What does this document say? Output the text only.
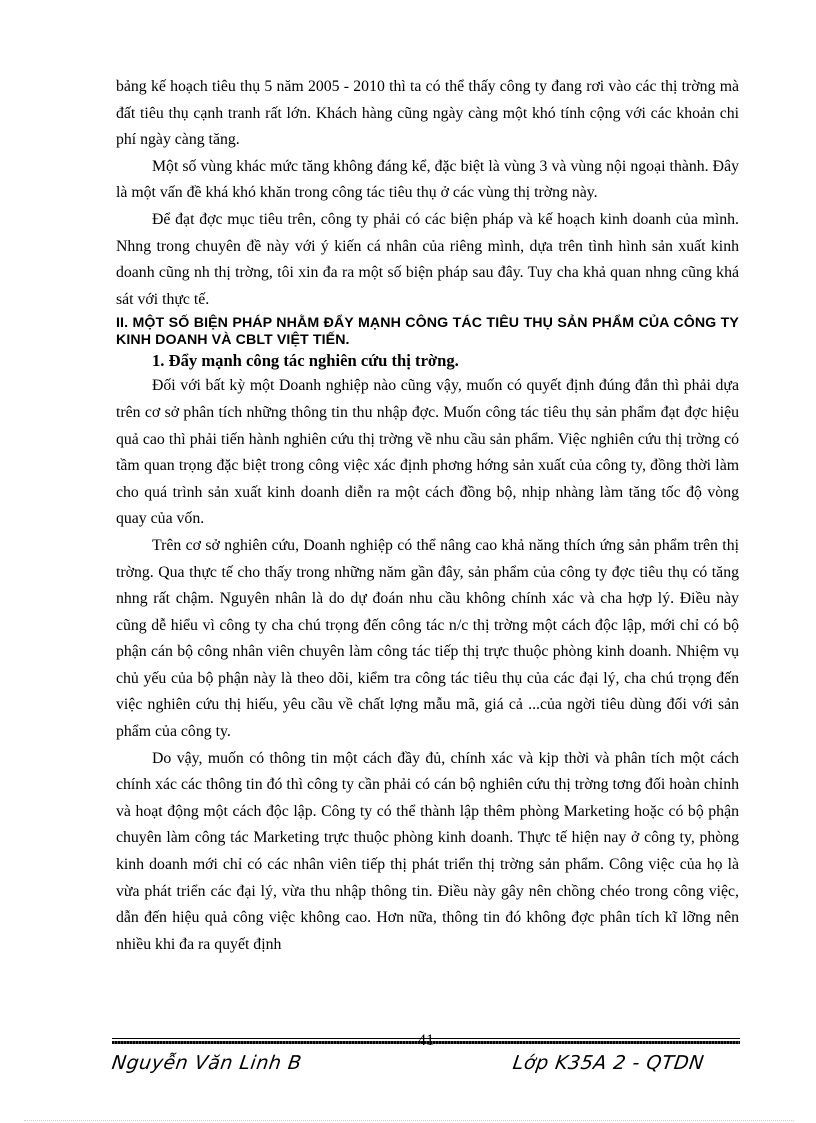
bảng kế hoạch tiêu thụ 5 năm 2005 - 2010 thì ta có thể thấy công ty đang rơi vào các thị trờng mà đất tiêu thụ cạnh tranh rất lớn. Khách hàng cũng ngày càng một khó tính cộng với các khoản chi phí ngày càng tăng.

Một số vùng khác mức tăng không đáng kể, đặc biệt là vùng 3 và vùng nội ngoại thành. Đây là một vấn đề khá khó khăn trong công tác tiêu thụ ở các vùng thị trờng này.

Để đạt đợc mục tiêu trên, công ty phải có các biện pháp và kế hoạch kinh doanh của mình. Nhng trong chuyên đề này với ý kiến cá nhân của riêng mình, dựa trên tình hình sản xuất kinh doanh cũng nh thị trờng, tôi xin đa ra một số biện pháp sau đây. Tuy cha khả quan nhng cũng khá sát với thực tế.

II. MỘT SỐ BIỆN PHÁP NHẰM ĐẨY MẠNH CÔNG TÁC TIÊU THỤ SẢN PHẨM CỦA CÔNG TY KINH DOANH VÀ CBLT VIỆT TIẾN.
1. Đẩy mạnh công tác nghiên cứu thị trờng.

Đối với bất kỳ một Doanh nghiệp nào cũng vậy, muốn có quyết định đúng đắn thì phải dựa trên cơ sở phân tích những thông tin thu nhập đợc. Muốn công tác tiêu thụ sản phẩm đạt đợc hiệu quả cao thì phải tiến hành nghiên cứu thị trờng về nhu cầu sản phẩm. Việc nghiên cứu thị trờng có tầm quan trọng đặc biệt trong công việc xác định phơng hớng sản xuất của công ty, đồng thời làm cho quá trình sản xuất kinh doanh diễn ra một cách đồng bộ, nhịp nhàng làm tăng tốc độ vòng quay của vốn.

Trên cơ sở nghiên cứu, Doanh nghiệp có thể nâng cao khả năng thích ứng sản phẩm trên thị trờng. Qua thực tế cho thấy trong những năm gần đây, sản phẩm của công ty đợc tiêu thụ có tăng nhng rất chậm. Nguyên nhân là do dự đoán nhu cầu không chính xác và cha hợp lý. Điều này cũng dễ hiểu vì công ty cha chú trọng đến công tác n/c thị trờng một cách độc lập, mới chỉ có bộ phận cán bộ công nhân viên chuyên làm công tác tiếp thị trực thuộc phòng kinh doanh. Nhiệm vụ chủ yếu của bộ phận này là theo dõi, kiểm tra công tác tiêu thụ của các đại lý, cha chú trọng đến việc nghiên cứu thị hiếu, yêu cầu về chất lợng mẫu mã, giá cả ...của ngời tiêu dùng đối với sản phẩm của công ty.

Do vậy, muốn có thông tin một cách đầy đủ, chính xác và kịp thời và phân tích một cách chính xác các thông tin đó thì công ty cần phải có cán bộ nghiên cứu thị trờng tơng đối hoàn chỉnh và hoạt động một cách độc lập. Công ty có thể thành lập thêm phòng Marketing hoặc có bộ phận chuyên làm công tác Marketing trực thuộc phòng kinh doanh. Thực tế hiện nay ở công ty, phòng kinh doanh mới chỉ có các nhân viên tiếp thị phát triển thị trờng sản phẩm. Công việc của họ là vừa phát triển các đại lý, vừa thu nhập thông tin. Điều này gây nên chồng chéo trong công việc, dẫn đến hiệu quả công việc không cao. Hơn nữa, thông tin đó không đợc phân tích kĩ lỡng nên nhiều khi đa ra quyết định

41
Nguyễn Văn Linh B	Lớp K35A 2 - QTDN
